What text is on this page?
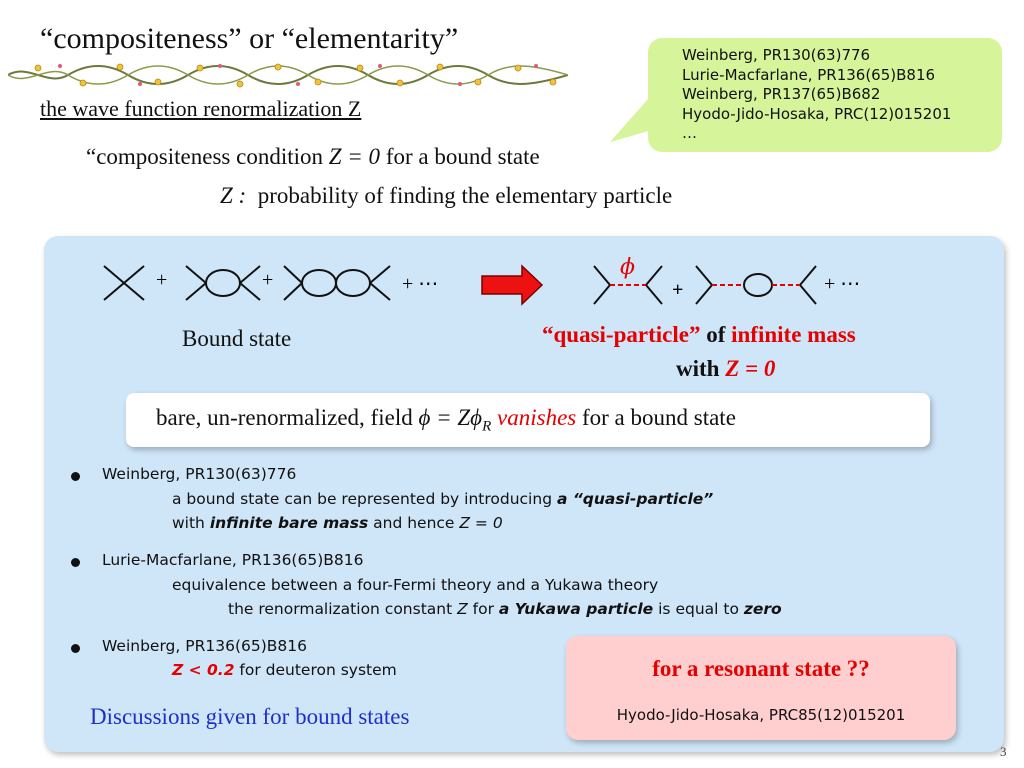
“compositeness” or “elementarity”
the wave function renormalization Z
Weinberg, PR130(63)776
Lurie-Macfarlane, PR136(65)B816
Weinberg, PR137(65)B682
Hyodo-Jido-Hosaka, PRC(12)015201
…
“compositeness condition Z = 0 for a bound state
Z : probability of finding the elementary particle
+	+	+ ⋯
ϕ
+	+ ⋯
Bound state	“quasi-particle” of infinite mass
with Z = 0
bare, un-renormalized, field $\phi = Z\phi_R$ vanishes for a bound state
Weinberg, PR130(63)776
a bound state can be represented by introducing a “quasi-particle”
with infinite bare mass and hence Z = 0
Lurie-Macfarlane, PR136(65)B816
equivalence between a four-Fermi theory and a Yukawa theory
the renormalization constant Z for a Yukawa particle is equal to zero
Weinberg, PR136(65)B816
Z < 0.2 for deuteron system
Discussions given for bound states
for a resonant state ??
Hyodo-Jido-Hosaka, PRC85(12)015201
3
